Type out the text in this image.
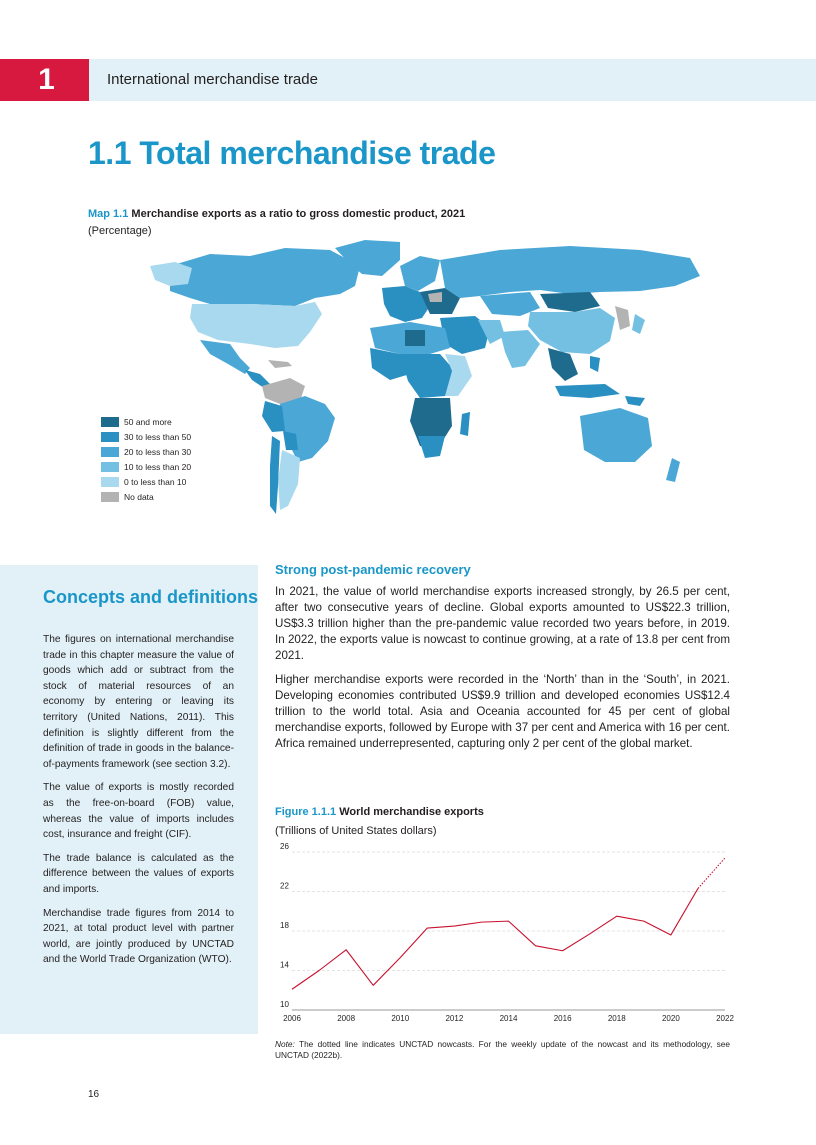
1	International merchandise trade
1.1 Total merchandise trade
Map 1.1 Merchandise exports as a ratio to gross domestic product, 2021
(Percentage)
50 and more
30 to less than 50
20 to less than 30
10 to less than 20
0 to less than 10
No data
Concepts and definitions

The figures on international merchandise trade in this chapter measure the value of goods which add or subtract from the stock of material resources of an economy by entering or leaving its territory (United Nations, 2011). This definition is slightly different from the definition of trade in goods in the balance-of-payments framework (see section 3.2).

The value of exports is mostly recorded as the free-on-board (FOB) value, whereas the value of imports includes cost, insurance and freight (CIF).

The trade balance is calculated as the difference between the values of exports and imports.

Merchandise trade figures from 2014 to 2021, at total product level with partner world, are jointly produced by UNCTAD and the World Trade Organization (WTO).

Strong post-pandemic recovery

In 2021, the value of world merchandise exports increased strongly, by 26.5 per cent, after two consecutive years of decline. Global exports amounted to US$22.3 trillion, US$3.3 trillion higher than the pre-pandemic value recorded two years before, in 2019. In 2022, the exports value is nowcast to continue growing, at a rate of 13.8 per cent from 2021.

Higher merchandise exports were recorded in the ‘North’ than in the ‘South’, in 2021. Developing economies contributed US$9.9 trillion and developed economies US$12.4 trillion to the world total. Asia and Oceania accounted for 45 per cent of global merchandise exports, followed by Europe with 37 per cent and America with 16 per cent. Africa remained underrepresented, capturing only 2 per cent of the global market.

Figure 1.1.1 World merchandise exports
(Trillions of United States dollars)
10
14
18
22
26
2006	2008	2010	2012	2014	2016	2018	2020	2022
Note: The dotted line indicates UNCTAD nowcasts. For the weekly update of the nowcast and its methodology, see UNCTAD (2022b).
16
